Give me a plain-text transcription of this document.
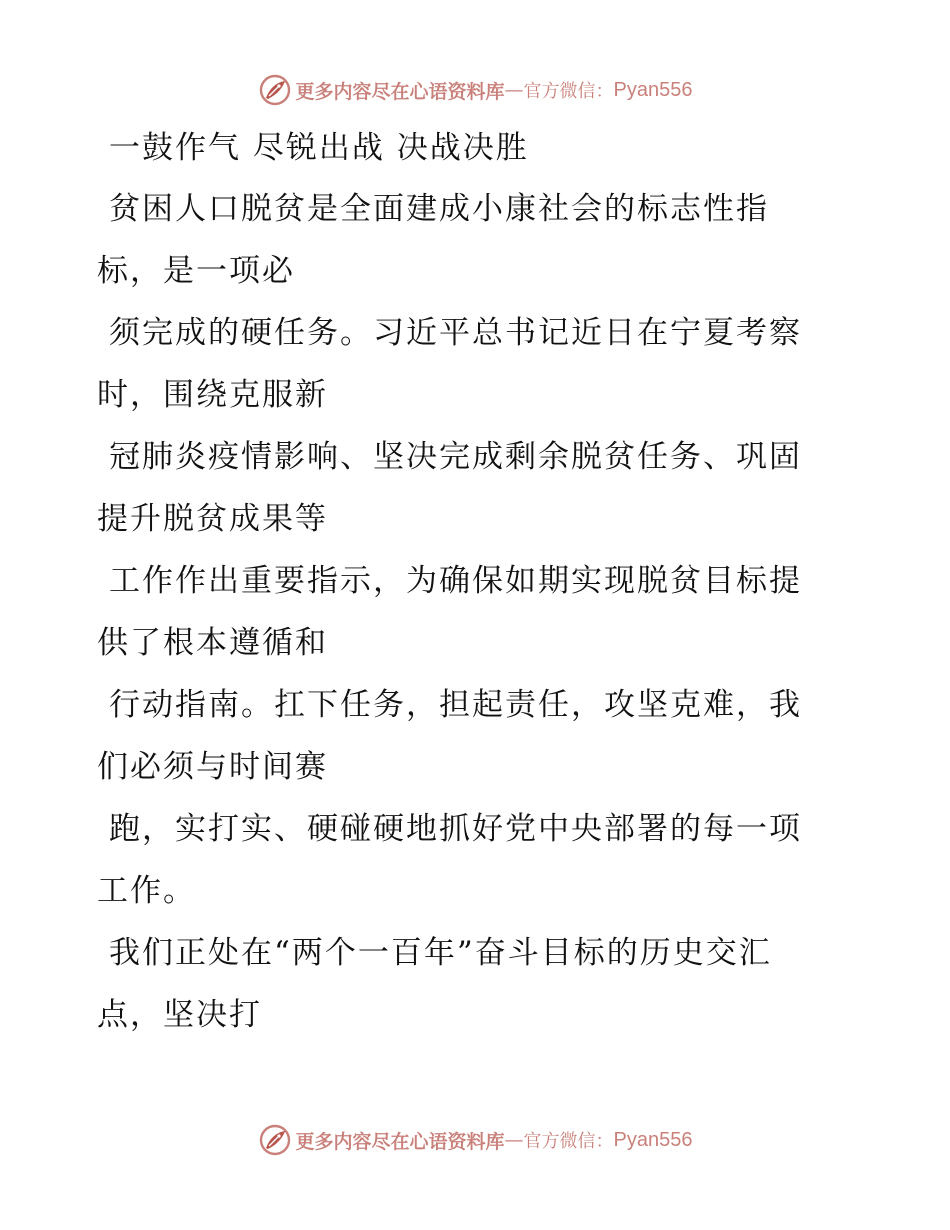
更多内容尽在心语资料库 — 官方微信： Pyan556
一鼓作气 尽锐出战 决战决胜
贫困人口脱贫是全面建成小康社会的标志性指
标，是一项必
须完成的硬任务。习近平总书记近日在宁夏考察
时，围绕克服新
冠肺炎疫情影响、坚决完成剩余脱贫任务、巩固
提升脱贫成果等
工作作出重要指示，为确保如期实现脱贫目标提
供了根本遵循和
行动指南。扛下任务，担起责任，攻坚克难，我
们必须与时间赛
跑，实打实、硬碰硬地抓好党中央部署的每一项
工作。
我们正处在“两个一百年”奋斗目标的历史交汇
点，坚决打
更多内容尽在心语资料库 — 官方微信： Pyan556
